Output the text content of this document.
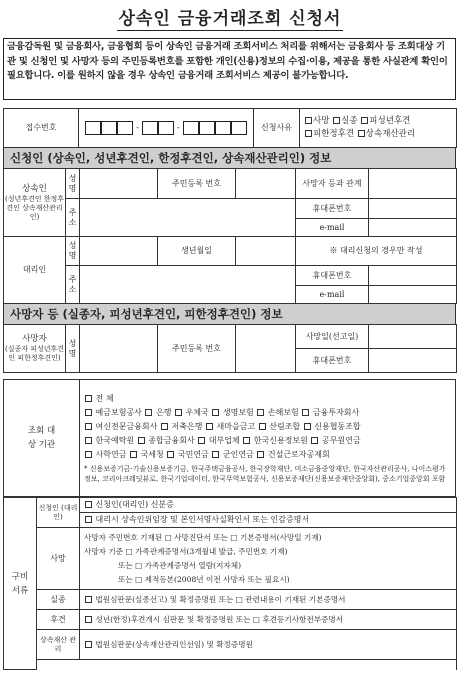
상속인 금융거래조회 신청서
금융감독원 및 금융회사, 금융협회 등이 상속인 금융거래 조회서비스 처리를 위해서는 금융회사 등 조회대상 기관 및 신청인 및 사망자 등의 주민등록번호를 포함한 개인(신용)정보의 수집·이용, 제공을 통한 사실관계 확인이 필요합니다. 이를 원하지 않을 경우 상속인 금융거래 조회서비스 제공이 불가능합니다.
접수번호	-	-	신청사유	
사망 실종 피성년후견
피한정후견 상속재산관리
신청인 (상속인, 성년후견인, 한정후견인, 상속재산관리인) 정보
상속인
(성년후견인 한정후견인 상속재산관리인)	성명		주민등록 번호		사망자 등과 관계	
	주소				휴대폰번호	
					e-mail	
대리인	성명		생년월일		※ 대리신청의 경우만 작성	
	주소				휴대폰번호	
					e-mail	
사망자 등 (실종자, 피성년후견인, 피한정후견인) 정보
사망자
(실종자 피성년후견인 피한정후견인)	성명		주민등록 번호		사망일(선고일)	
					휴대폰번호	
조회 대상 기관

전 체
예금보험공사 은행 우체국 생명보험 손해보험 금융투자회사
여신전문금융회사 저축은행 새마을금고 산림조합 신용협동조합
한국예탁원 종합금융회사 대부업체 한국신용정보원 공무원연금
사학연금 국세청 국민연금 군인연금 건설근로자공제회
* 신용보증기금·기술신용보증기금, 한국주택금융공사, 한국장학재단, 미소금융중앙재단, 한국자산관리공사, 나이스평가정보, 코리아크레딧뷰로, 한국기업데이터, 한국무역보험공사, 신용보증재단(신용보증재단중앙회), 중소기업중앙회 포함
구비 서류	신청인 (대리인)	신청인(대리인) 신분증
		대리시 상속인위임장 및 본인서명사실확인서 또는 인감증명서
	사망	사망자 주민번호 기재된 □ 사망진단서 또는 □ 기본증명서(사망일 기재)
사망자 기준 □ 가족관계증명서(3개월내 발급, 주민번호 기재)
또는 □ 가족관계증명서 열람(지자체)
또는 □ 제적등본(2008년 이전 사망자 또는 필요시)

	실종	법원심판문(실종선고) 및 확정증명원 또는 □ 관련내용이 기재된 기본증명서
	후견	성년(한정)후견개시 심판문 및 확정증명원 또는 □ 후견등기사항전부증명서
	상속재산 관리	법원심판문(상속재산관리인선임) 및 확정증명원
